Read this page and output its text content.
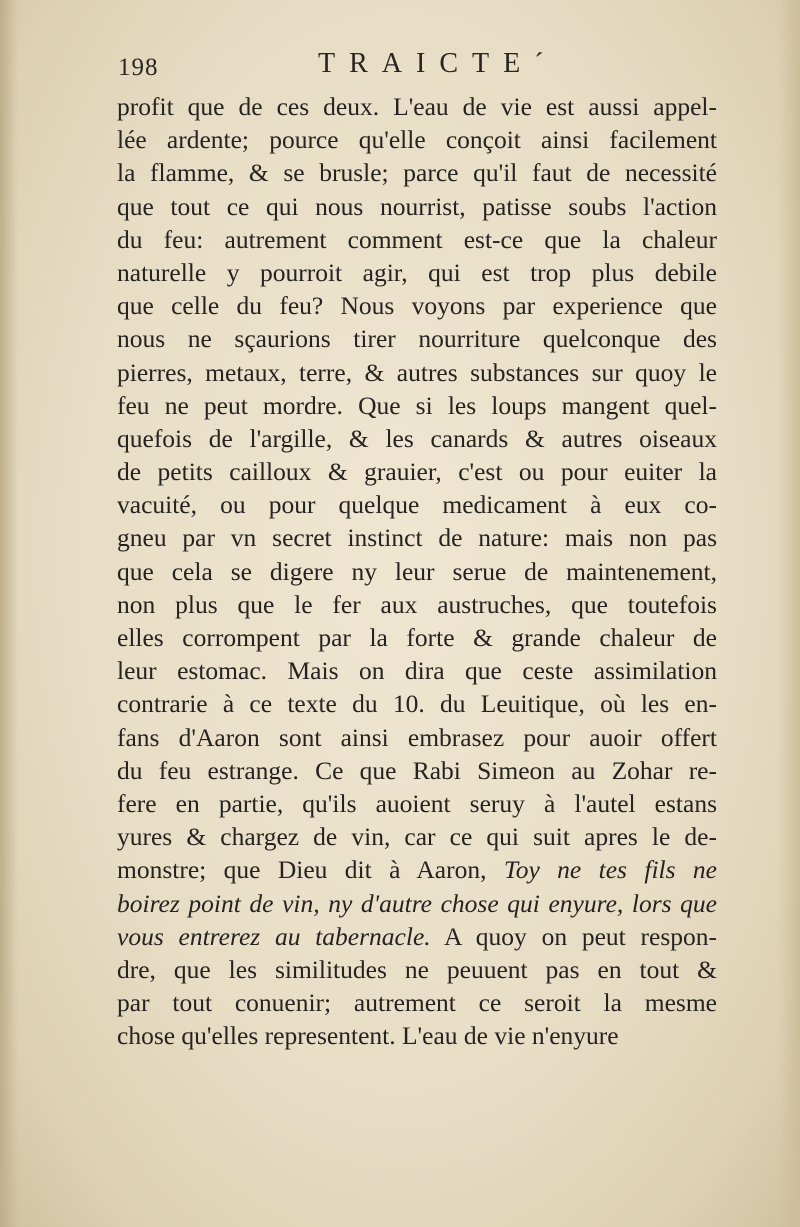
198	TRAICTE´
profit que de ces deux. L'eau de vie est aussi appel-
lée ardente; pource qu'elle conçoit ainsi facilement
la flamme, & se brusle; parce qu'il faut de necessité
que tout ce qui nous nourrist, patisse soubs l'action
du feu: autrement comment est-ce que la chaleur
naturelle y pourroit agir, qui est trop plus debile
que celle du feu? Nous voyons par experience que
nous ne sçaurions tirer nourriture quelconque des
pierres, metaux, terre, & autres substances sur quoy le
feu ne peut mordre. Que si les loups mangent quel-
quefois de l'argille, & les canards & autres oiseaux
de petits cailloux & grauier, c'est ou pour euiter la
vacuité, ou pour quelque medicament à eux co-
gneu par vn secret instinct de nature: mais non pas
que cela se digere ny leur serue de maintenement,
non plus que le fer aux austruches, que toutefois
elles corrompent par la forte & grande chaleur de
leur estomac. Mais on dira que ceste assimilation
contrarie à ce texte du 10. du Leuitique, où les en-
fans d'Aaron sont ainsi embrasez pour auoir offert
du feu estrange. Ce que Rabi Simeon au Zohar re-
fere en partie, qu'ils auoient seruy à l'autel estans
yures & chargez de vin, car ce qui suit apres le de-
monstre; que Dieu dit à Aaron, Toy ne tes fils ne
boirez point de vin, ny d'autre chose qui enyure, lors que
vous entrerez au tabernacle. A quoy on peut respon-
dre, que les similitudes ne peuuent pas en tout &
par tout conuenir; autrement ce seroit la mesme
chose qu'elles representent. L'eau de vie n'enyure
